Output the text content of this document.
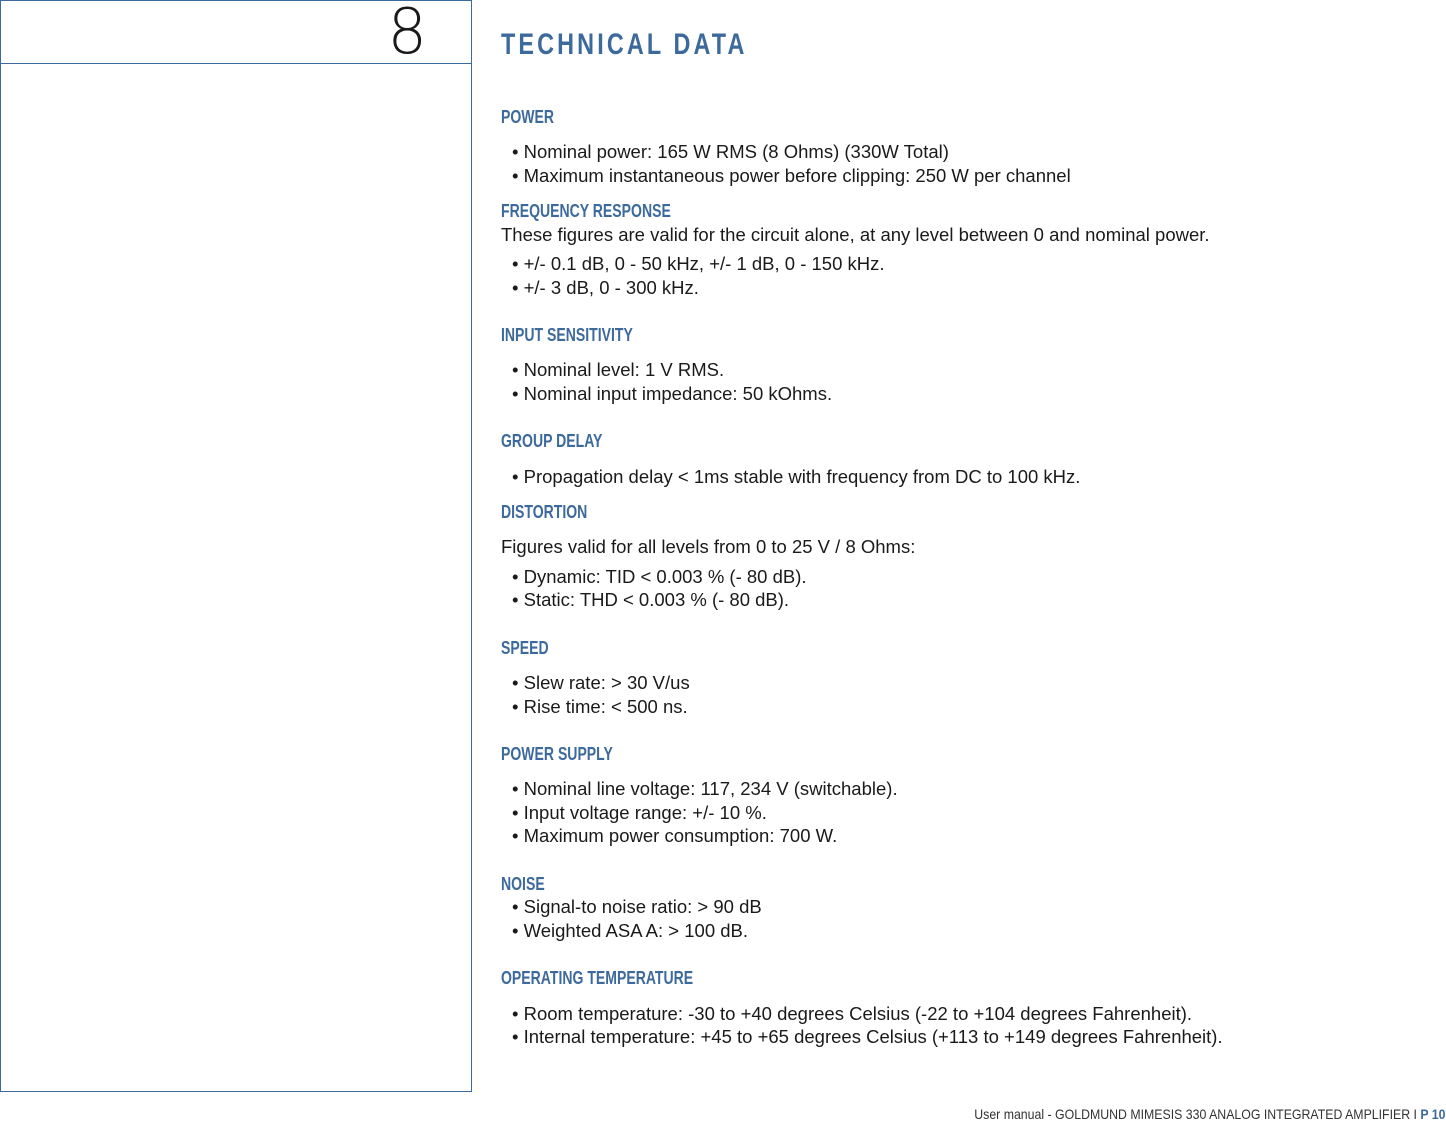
8 TECHNICAL DATA
POWER
• Nominal power: 165 W RMS (8 Ohms) (330W Total)
• Maximum instantaneous power before clipping: 250 W per channel
FREQUENCY RESPONSE
These figures are valid for the circuit alone, at any level between 0 and nominal power.
• +/- 0.1 dB, 0 - 50 kHz, +/- 1 dB, 0 - 150 kHz.
• +/- 3 dB, 0 - 300 kHz.
INPUT SENSITIVITY
• Nominal level: 1 V RMS.
• Nominal input impedance: 50 kOhms.
GROUP DELAY
• Propagation delay < 1ms stable with frequency from DC to 100 kHz.
DISTORTION
Figures valid for all levels from 0 to 25 V / 8 Ohms:
• Dynamic: TID < 0.003 % (- 80 dB).
• Static: THD < 0.003 % (- 80 dB).
SPEED
• Slew rate: > 30 V/us
• Rise time: < 500 ns.
POWER SUPPLY
• Nominal line voltage: 117, 234 V (switchable).
• Input voltage range: +/- 10 %.
• Maximum power consumption: 700 W.
NOISE
• Signal-to noise ratio: > 90 dB
• Weighted ASA A: > 100 dB.
OPERATING TEMPERATURE
• Room temperature: -30 to +40 degrees Celsius (-22 to +104 degrees Fahrenheit).
• Internal temperature: +45 to +65 degrees Celsius (+113 to +149 degrees Fahrenheit).
User manual - GOLDMUND MIMESIS 330 ANALOG INTEGRATED AMPLIFIER I P 10
